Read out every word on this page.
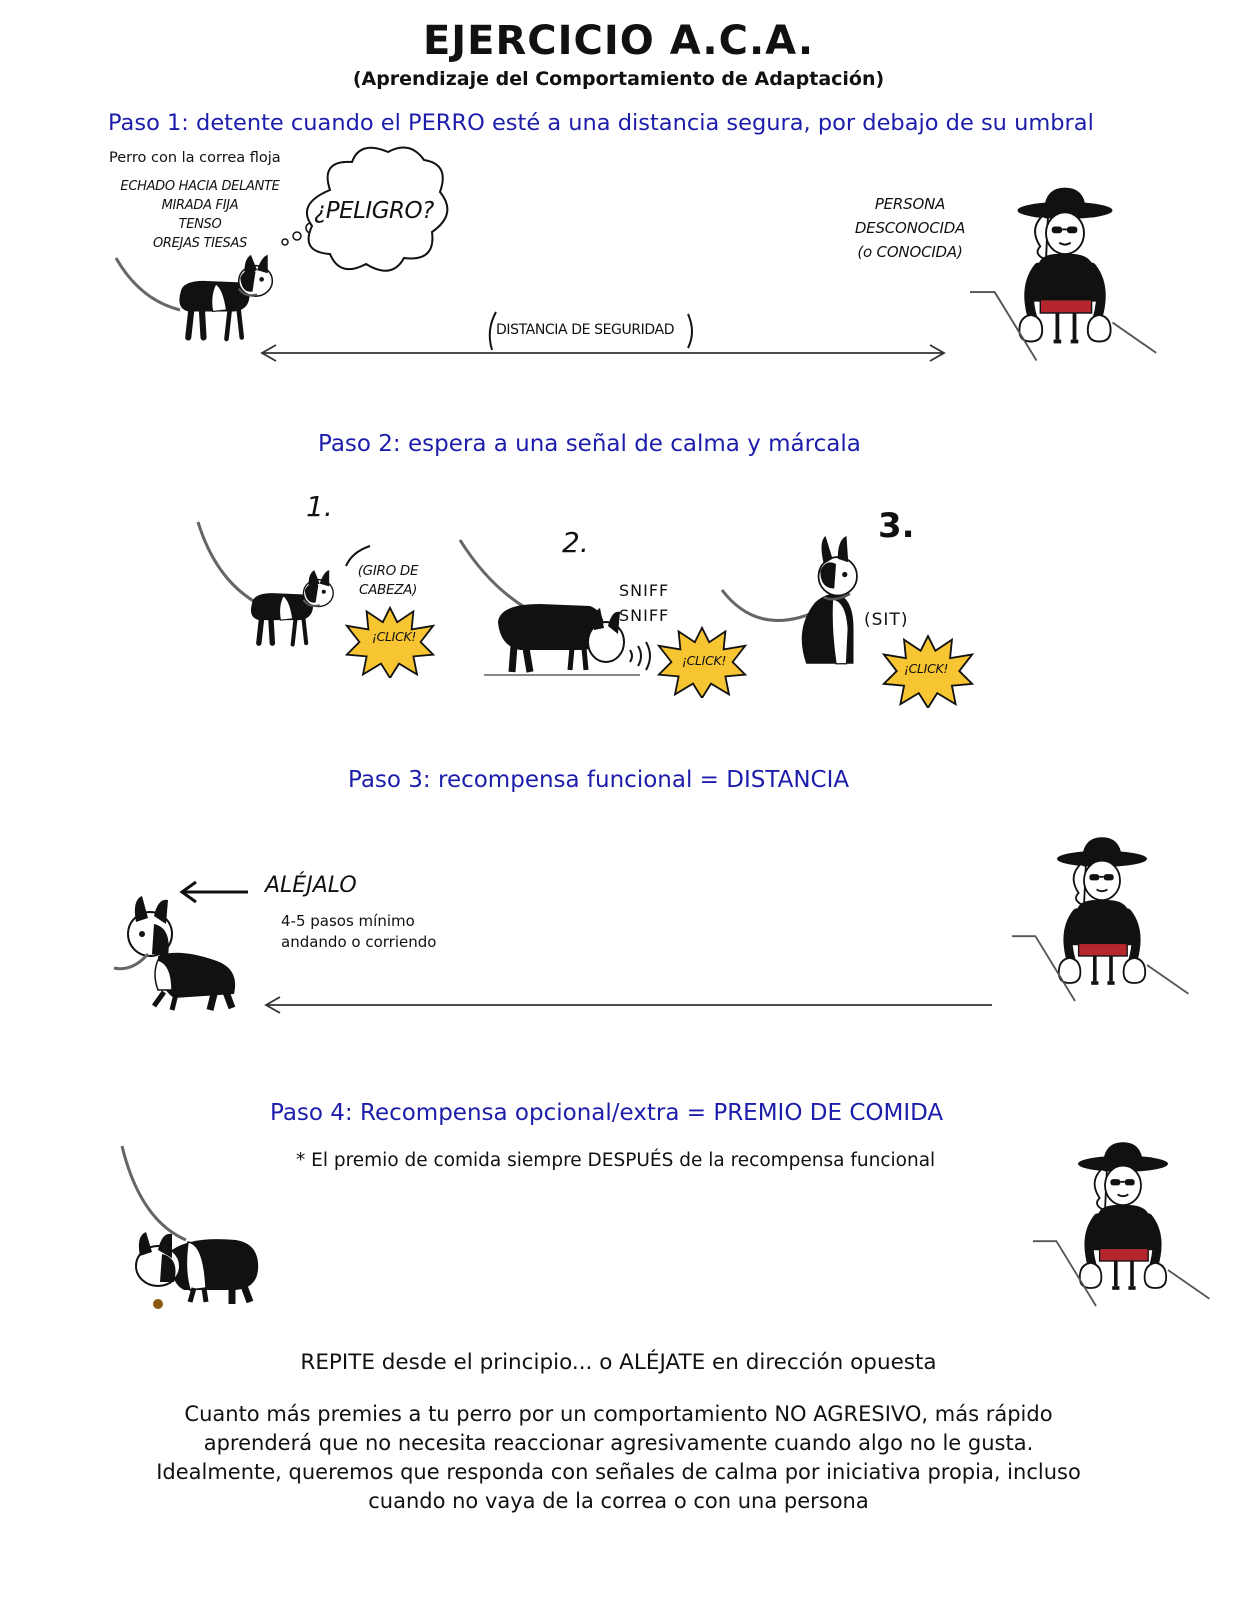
EJERCICIO A.C.A.
(Aprendizaje del Comportamiento de Adaptación)
Paso 1: detente cuando el PERRO esté a una distancia segura, por debajo de su umbral
Perro con la correa floja
ECHADO HACIA DELANTE
MIRADA FIJA
TENSO
OREJAS TIESAS
¿PELIGRO?	PERSONA
DESCONOCIDA
(o CONOCIDA)
DISTANCIA DE SEGURIDAD
Paso 2: espera a una señal de calma y márcala
1.
2.	3.
(GIRO DE
CABEZA)	SNIFF
SNIFF	(SIT)
¡CLICK!
¡CLICK!
¡CLICK!
Paso 3: recompensa funcional = DISTANCIA
ALÉJALO
4-5 pasos mínimo
andando o corriendo
Paso 4: Recompensa opcional/extra = PREMIO DE COMIDA
* El premio de comida siempre DESPUÉS de la recompensa funcional
REPITE desde el principio... o ALÉJATE en dirección opuesta
Cuanto más premies a tu perro por un comportamiento NO AGRESIVO, más rápido
aprenderá que no necesita reaccionar agresivamente cuando algo no le gusta.
Idealmente, queremos que responda con señales de calma por iniciativa propia, incluso
cuando no vaya de la correa o con una persona
